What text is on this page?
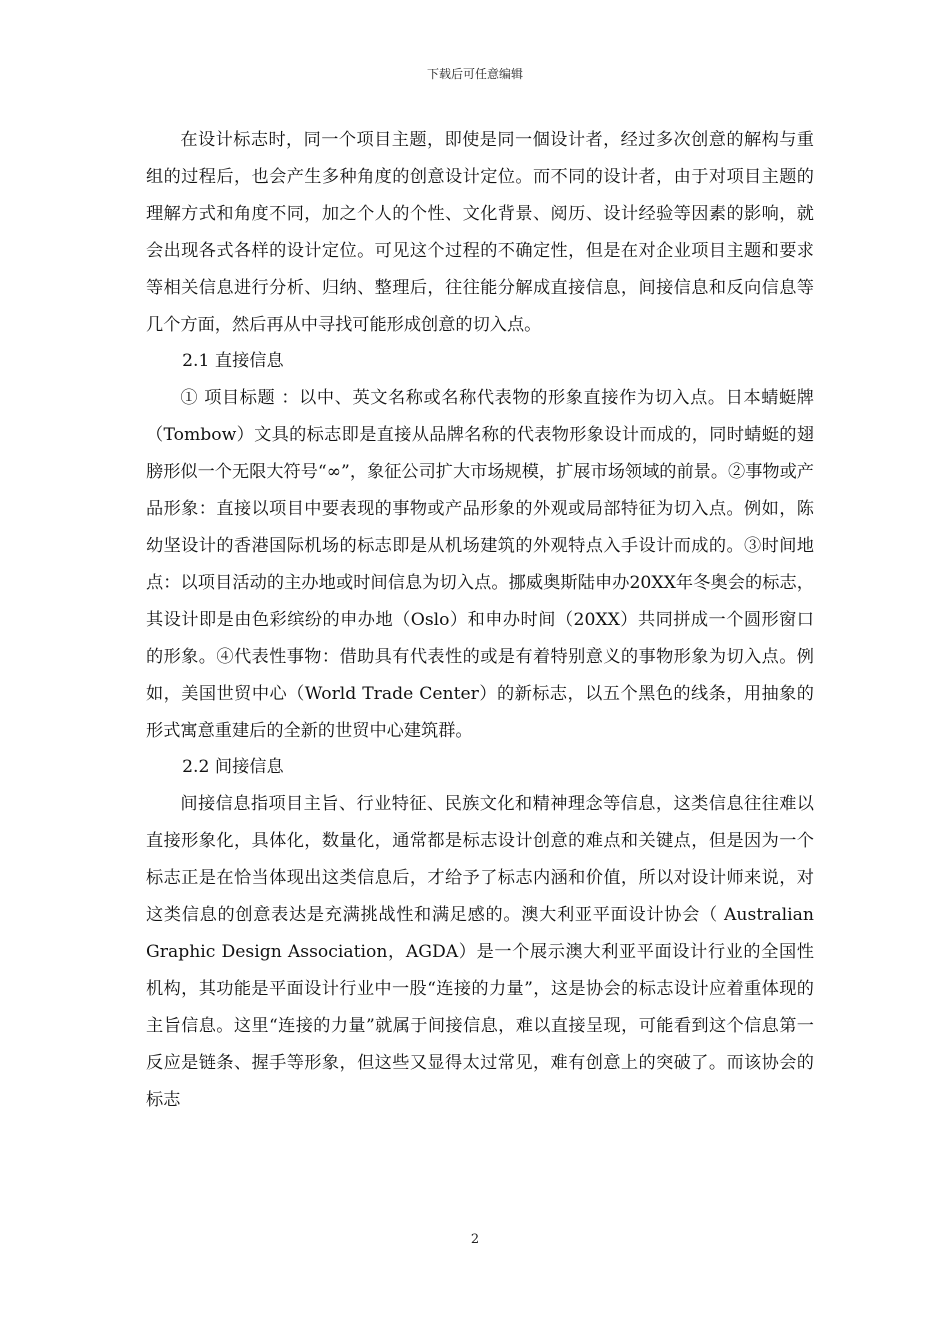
下载后可任意编辑

在设计标志时，同一个项目主题，即使是同一個设计者，经过多次创意的解构与重组的过程后，也会产生多种角度的创意设计定位。而不同的设计者，由于对项目主题的理解方式和角度不同，加之个人的个性、文化背景、阅历、设计经验等因素的影响，就会出现各式各样的设计定位。可见这个过程的不确定性，但是在对企业项目主题和要求等相关信息进行分析、归纳、整理后，往往能分解成直接信息，间接信息和反向信息等几个方面，然后再从中寻找可能形成创意的切入点。

2.1 直接信息

① 项目标题 ：以中、英文名称或名称代表物的形象直接作为切入点。日本蜻蜓牌（Tombow）文具的标志即是直接从品牌名称的代表物形象设计而成的，同时蜻蜓的翅膀形似一个无限大符号“∞”，象征公司扩大市场规模，扩展市场领域的前景。②事物或产品形象：直接以项目中要表现的事物或产品形象的外观或局部特征为切入点。例如，陈幼坚设计的香港国际机场的标志即是从机场建筑的外观特点入手设计而成的。③时间地点：以项目活动的主办地或时间信息为切入点。挪威奥斯陆申办20XX年冬奥会的标志，其设计即是由色彩缤纷的申办地（Oslo）和申办时间（20XX）共同拼成一个圆形窗口的形象。④代表性事物：借助具有代表性的或是有着特别意义的事物形象为切入点。例如，美国世贸中心（World Trade Center）的新标志，以五个黑色的线条，用抽象的形式寓意重建后的全新的世贸中心建筑群。

2.2 间接信息

间接信息指项目主旨、行业特征、民族文化和精神理念等信息，这类信息往往难以直接形象化，具体化，数量化，通常都是标志设计创意的难点和关键点，但是因为一个标志正是在恰当体现出这类信息后，才给予了标志内涵和价值，所以对设计师来说，对这类信息的创意表达是充满挑战性和满足感的。澳大利亚平面设计协会（ Australian Graphic Design Association，AGDA）是一个展示澳大利亚平面设计行业的全国性机构，其功能是平面设计行业中一股“连接的力量”，这是协会的标志设计应着重体现的主旨信息。这里“连接的力量”就属于间接信息，难以直接呈现，可能看到这个信息第一反应是链条、握手等形象，但这些又显得太过常见，难有创意上的突破了。而该协会的标志

2
